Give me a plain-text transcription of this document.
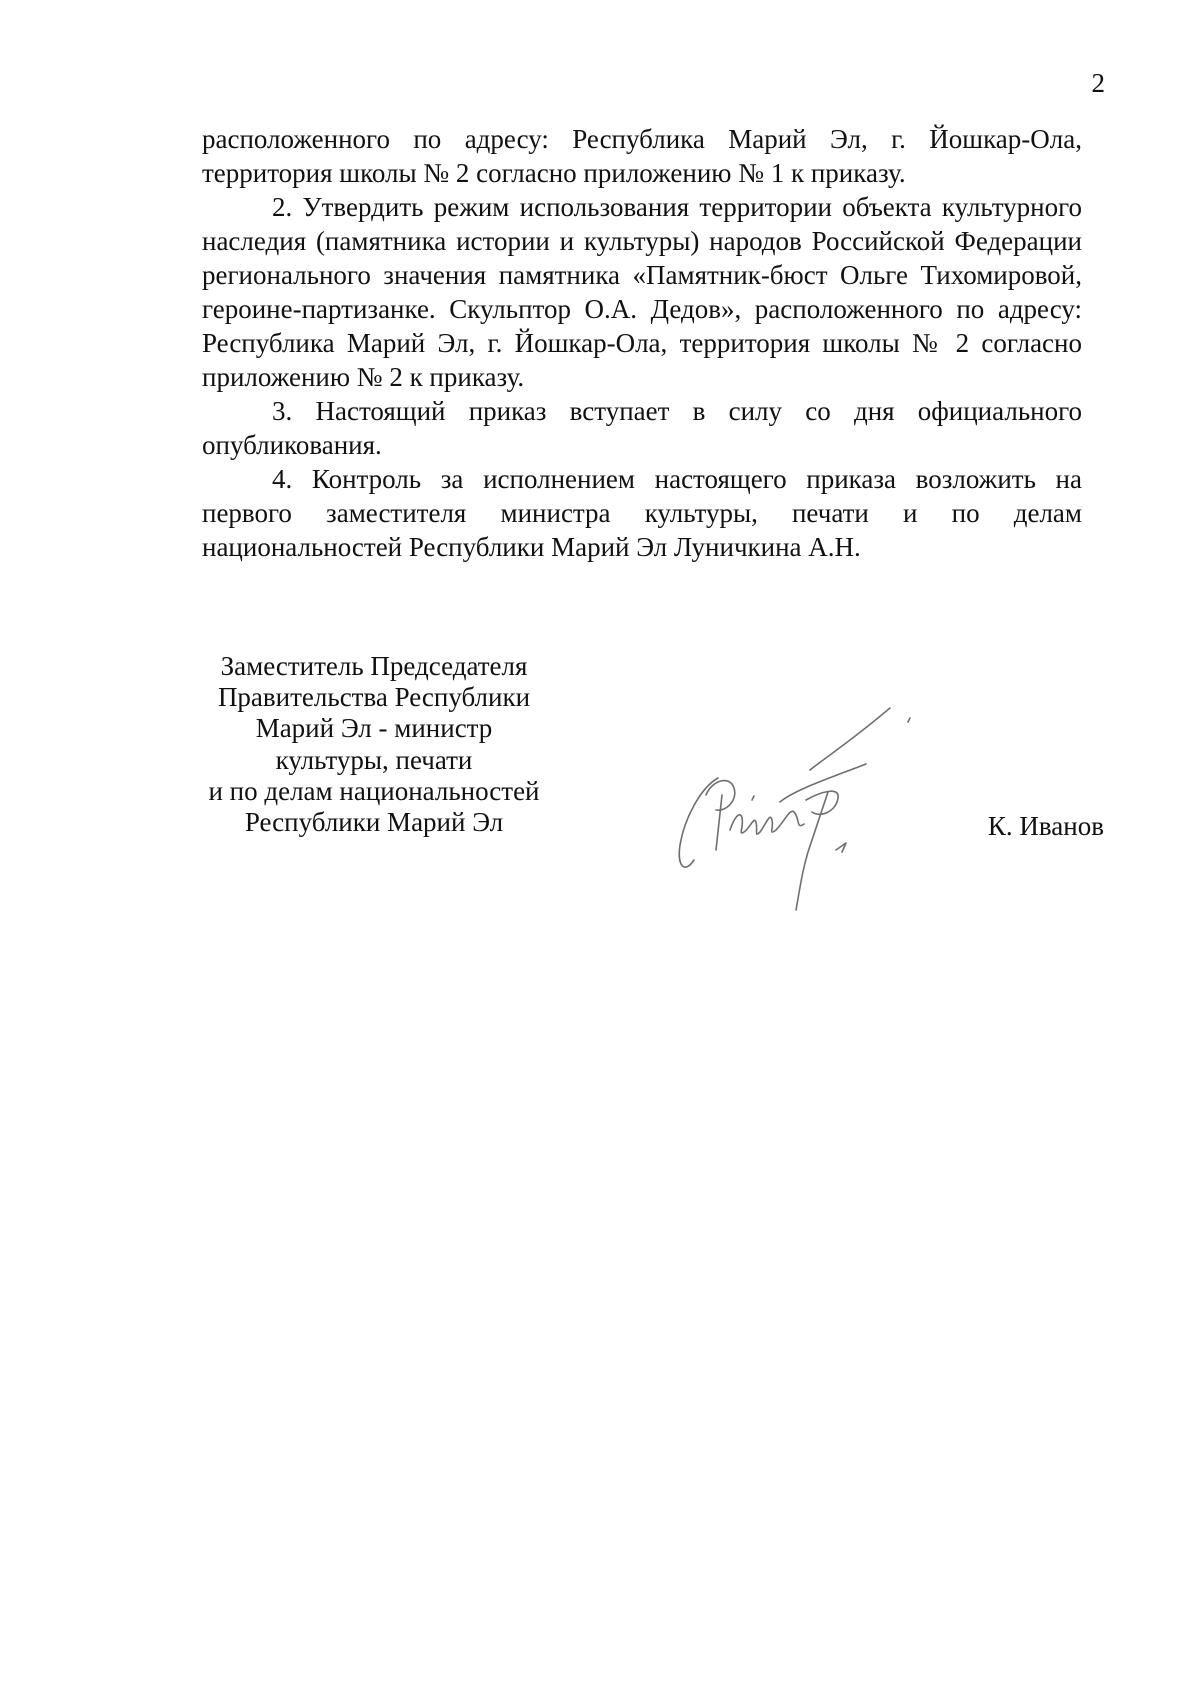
2

расположенного по адресу: Республика Марий Эл, г. Йошкар-Ола, территория школы № 2 согласно приложению № 1 к приказу.

2. Утвердить режим использования территории объекта культурного наследия (памятника истории и культуры) народов Российской Федерации регионального значения памятника «Памятник-бюст Ольге Тихомировой, героине-партизанке. Скульптор О.А. Дедов», расположенного по адресу: Республика Марий Эл, г. Йошкар-Ола, территория школы № 2 согласно приложению № 2 к приказу.

3. Настоящий приказ вступает в силу со дня официального опубликования.

4. Контроль за исполнением настоящего приказа возложить на первого заместителя министра культуры, печати и по делам национальностей Республики Марий Эл Луничкина А.Н.

Заместитель Председателя
Правительства Республики
Марий Эл - министр
культуры, печати
и по делам национальностей
Республики Марий Эл	К. Иванов
